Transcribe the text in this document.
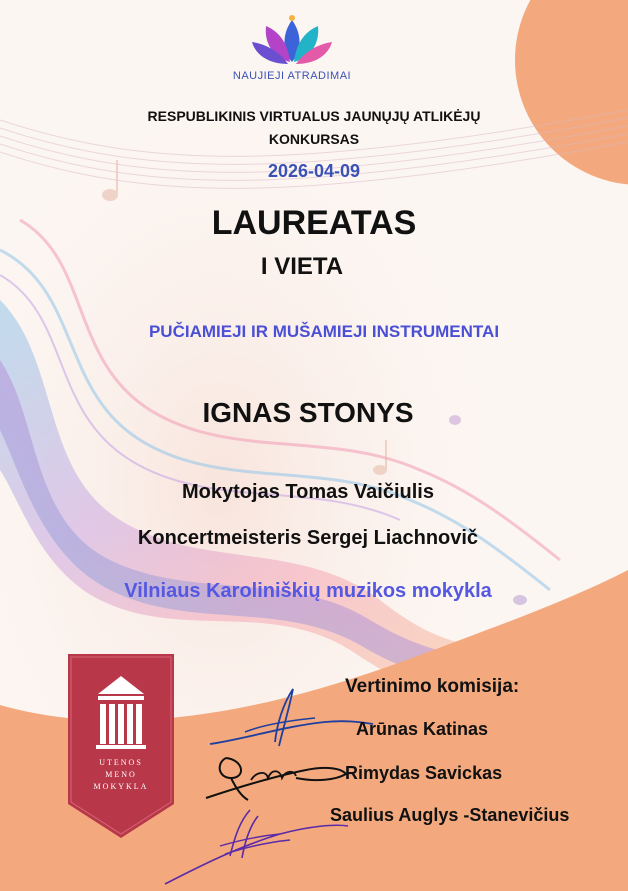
NAUJIEJI ATRADIMAI
RESPUBLIKINIS VIRTUALUS JAUNŲJŲ ATLIKĖJŲ
KONKURSAS
2026-04-09
LAUREATAS
I VIETA
PUČIAMIEJI IR MUŠAMIEJI INSTRUMENTAI
IGNAS STONYS
Mokytojas Tomas Vaičiulis
Koncertmeisteris Sergej Liachnovič
Vilniaus Karoliniškių muzikos mokykla
UTENOS
MENO
MOKYKLA
Vertinimo komisija:
Arūnas Katinas
Rimydas Savickas
Saulius Auglys -Stanevičius
